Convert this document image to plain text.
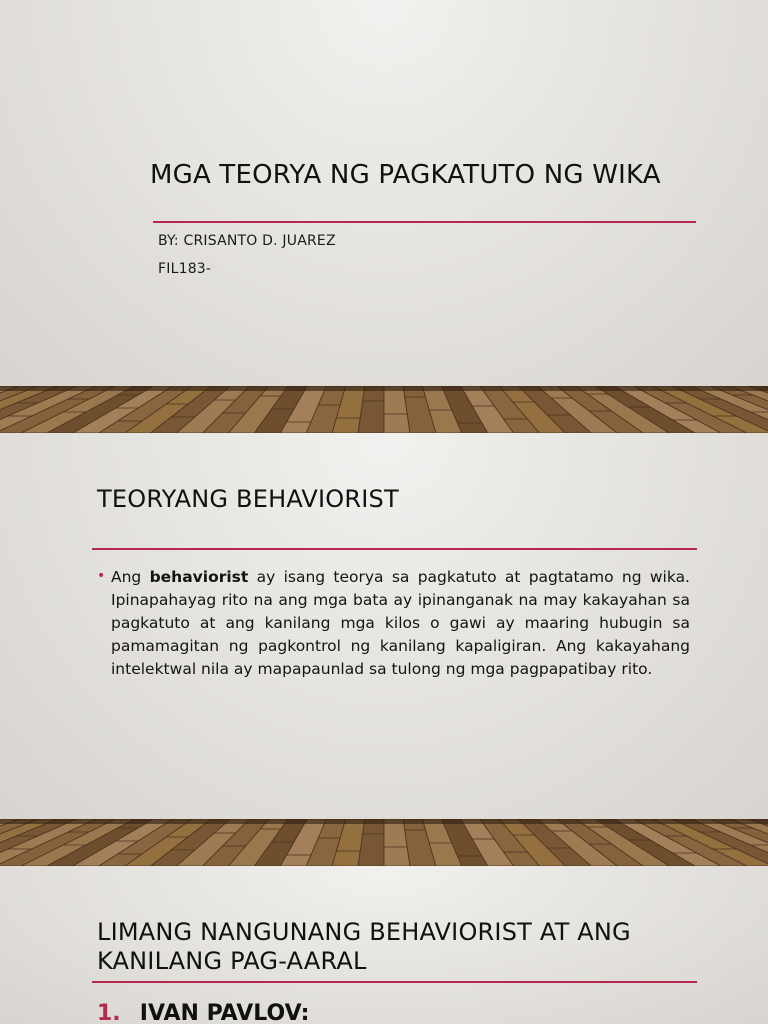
MGA TEORYA NG PAGKATUTO NG WIKA
BY: CRISANTO D. JUAREZ
FIL183-
TEORYANG BEHAVIORIST
• Ang behaviorist ay isang teorya sa pagkatuto at pagtatamo ng wika. Ipinapahayag rito na ang mga bata ay ipinanganak na may kakayahan sa pagkatuto at ang kanilang mga kilos o gawi ay maaring hubugin sa pamamagitan ng pagkontrol ng kanilang kapaligiran. Ang kakayahang intelektwal nila ay mapapaunlad sa tulong ng mga pagpapatibay rito.
LIMANG NANGUNANG BEHAVIORIST AT ANG
KANILANG PAG-AARAL
1. IVAN PAVLOV:
